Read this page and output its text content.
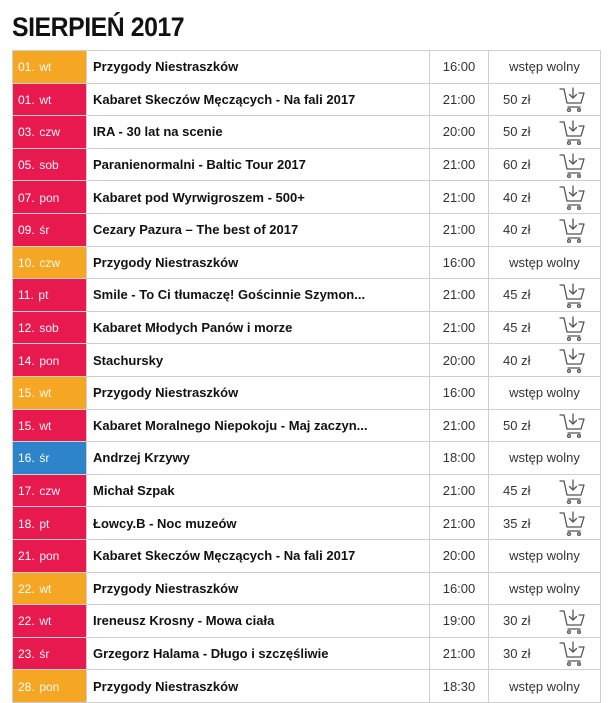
SIERPIEŃ 2017
01. wt	Przygody Niestraszków	16:00	wstęp wolny	
01. wt	Kabaret Skeczów Męczących - Na fali 2017	21:00	50 zł	

03. czw	IRA - 30 lat na scenie	20:00	50 zł	

05. sob	Paranienormalni - Baltic Tour 2017	21:00	60 zł	

07. pon	Kabaret pod Wyrwigroszem - 500+	21:00	40 zł	

09. śr	Cezary Pazura – The best of 2017	21:00	40 zł	

10. czw	Przygody Niestraszków	16:00	wstęp wolny	
11. pt	Smile - To Ci tłumaczę! Gościnnie Szymon...	21:00	45 zł	

12. sob	Kabaret Młodych Panów i morze	21:00	45 zł	

14. pon	Stachursky	20:00	40 zł	

15. wt	Przygody Niestraszków	16:00	wstęp wolny	
15. wt	Kabaret Moralnego Niepokoju - Maj zaczyn...	21:00	50 zł	

16. śr	Andrzej Krzywy	18:00	wstęp wolny	
17. czw	Michał Szpak	21:00	45 zł	

18. pt	Łowcy.B - Noc muzeów	21:00	35 zł	

21. pon	Kabaret Skeczów Męczących - Na fali 2017	20:00	wstęp wolny	
22. wt	Przygody Niestraszków	16:00	wstęp wolny	
22. wt	Ireneusz Krosny - Mowa ciała	19:00	30 zł	

23. śr	Grzegorz Halama - Długo i szczęśliwie	21:00	30 zł	

28. pon	Przygody Niestraszków	18:30	wstęp wolny	
